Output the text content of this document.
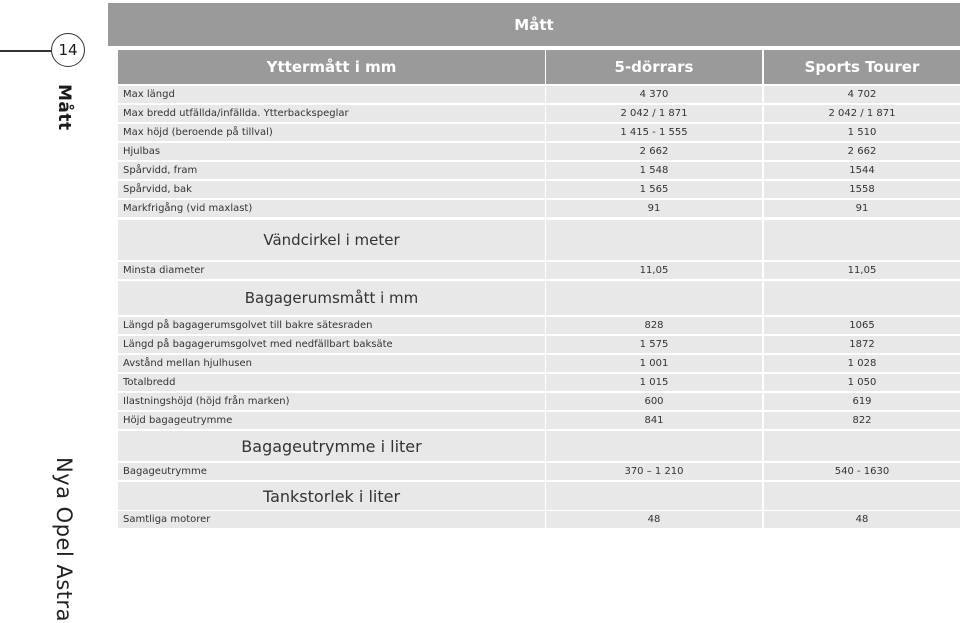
14
Mått
Nya Opel Astra
Mått
Yttermått i mm	5-dörrars	Sports Tourer
Max längd	4 370	4 702
Max bredd utfällda/infällda. Ytterbackspeglar	2 042 / 1 871	2 042 / 1 871
Max höjd (beroende på tillval)	1 415 - 1 555	1 510
Hjulbas	2 662	2 662
Spårvidd, fram	1 548	1544
Spårvidd, bak	1 565	1558
Markfrigång (vid maxlast)	91	91
Vändcirkel i meter
Minsta diameter	11,05	11,05
Bagagerumsmått i mm
Längd på bagagerumsgolvet till bakre sätesraden	828	1065
Längd på bagagerumsgolvet med nedfällbart baksäte	1 575	1872
Avstånd mellan hjulhusen	1 001	1 028
Totalbredd	1 015	1 050
Ilastningshöjd (höjd från marken)	600	619
Höjd bagageutrymme	841	822
Bagageutrymme i liter
Bagageutrymme	370 – 1 210	540 - 1630
Tankstorlek i liter
Samtliga motorer	48	48
